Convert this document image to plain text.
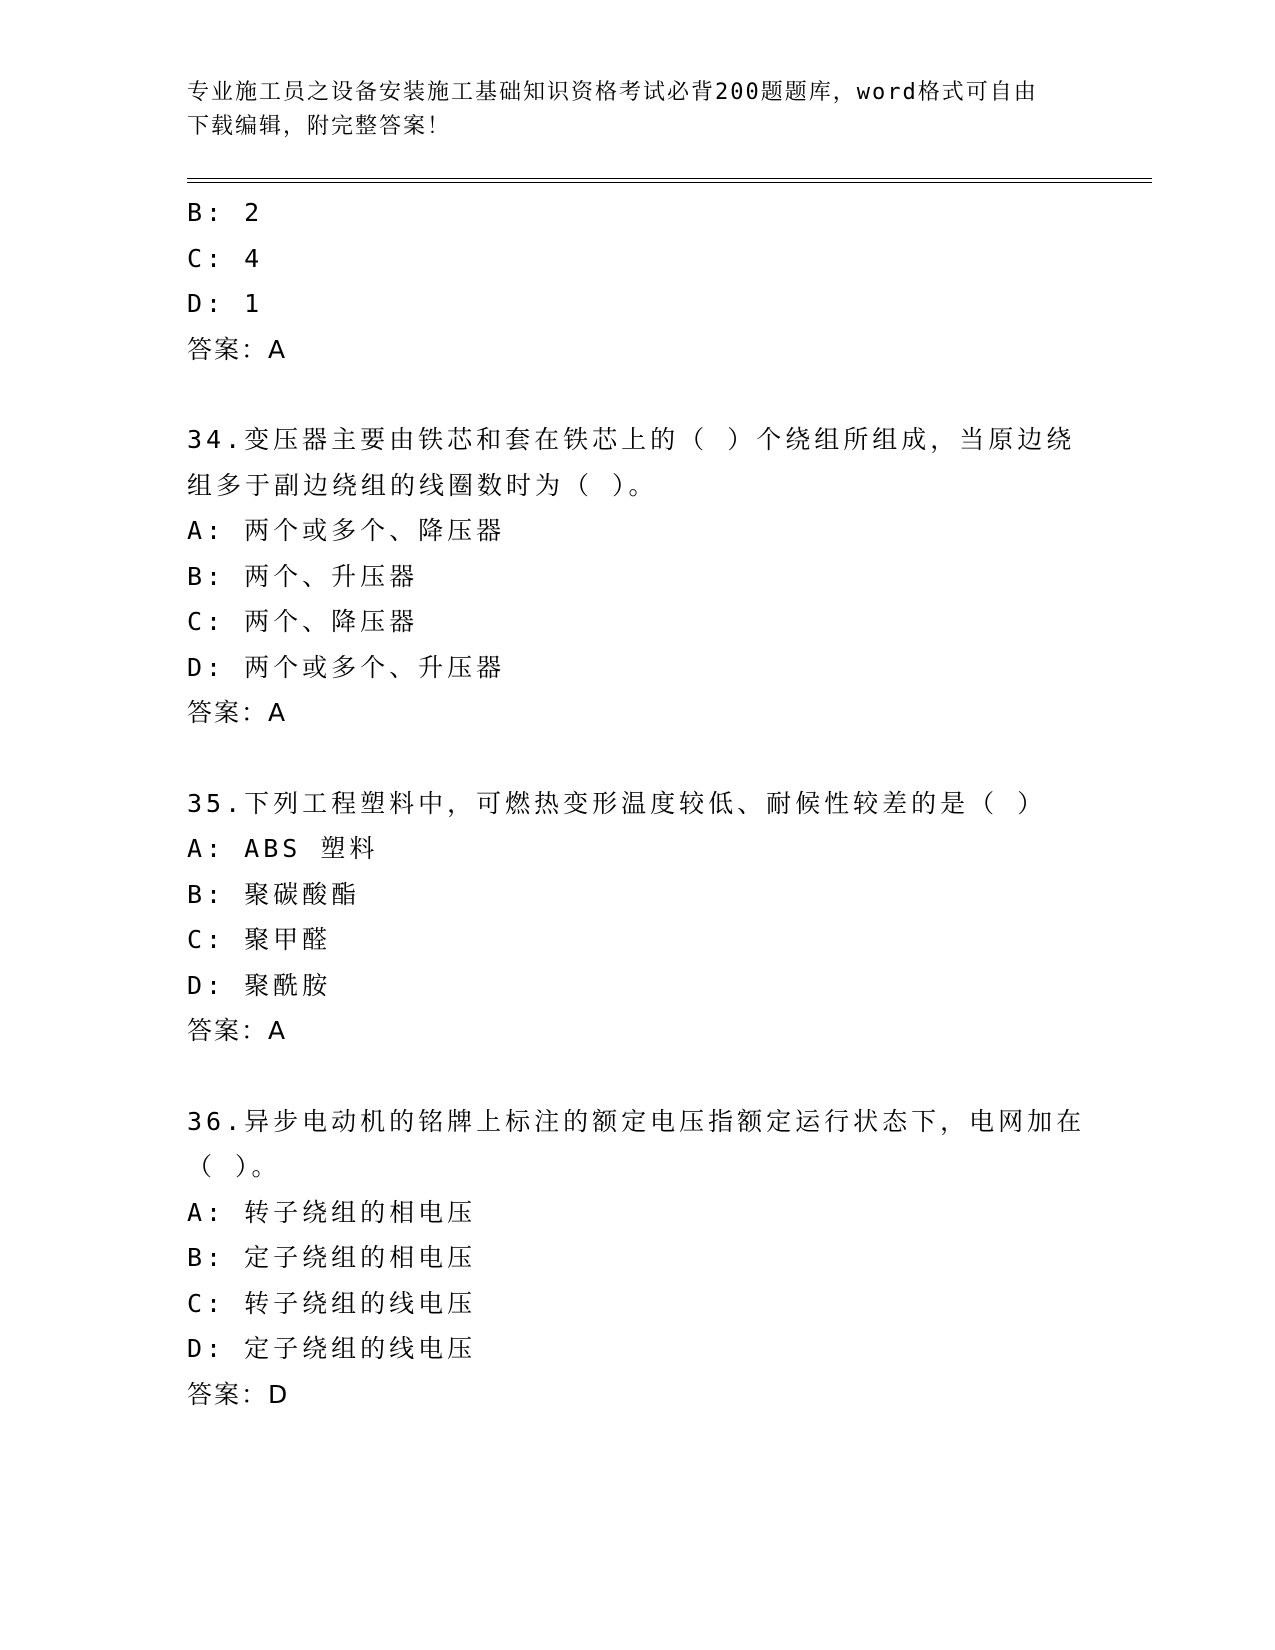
专业施工员之设备安装施工基础知识资格考试必背200题题库，word格式可自由
下载编辑，附完整答案！
B: 2
C: 4
D: 1
答案：A
34.变压器主要由铁芯和套在铁芯上的（ ）个绕组所组成，当原边绕
组多于副边绕组的线圈数时为（ ）。
A: 两个或多个、降压器
B: 两个、升压器
C: 两个、降压器
D: 两个或多个、升压器
答案：A
35.下列工程塑料中，可燃热变形温度较低、耐候性较差的是（ ）
A: ABS 塑料
B: 聚碳酸酯
C: 聚甲醛
D: 聚酰胺
答案：A
36.异步电动机的铭牌上标注的额定电压指额定运行状态下，电网加在
（ ）。
A: 转子绕组的相电压
B: 定子绕组的相电压
C: 转子绕组的线电压
D: 定子绕组的线电压
答案：D
